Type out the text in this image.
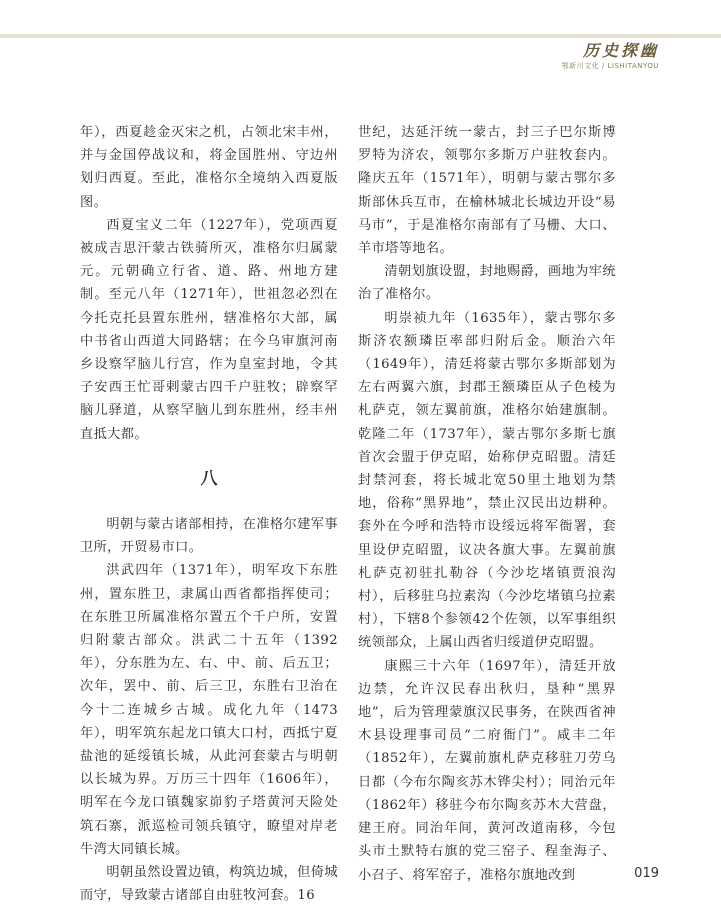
历史探幽
鄂新川文化 / LISHITANYOU

年），西夏趁金灭宋之机，占领北宋丰州，并与金国停战议和，将金国胜州、守边州划归西夏。至此，准格尔全境纳入西夏版图。

西夏宝义二年（1227年），党项西夏被成吉思汗蒙古铁骑所灭，准格尔归属蒙元。元朝确立行省、道、路、州地方建制。至元八年（1271年），世祖忽必烈在今托克托县置东胜州，辖准格尔大部，属中书省山西道大同路辖；在今乌审旗河南乡设察罕脑儿行宫，作为皇室封地，令其子安西王忙哥剌蒙古四千户驻牧；辟察罕脑儿驿道，从察罕脑儿到东胜州，经丰州直抵大都。

八

明朝与蒙古诸部相持，在准格尔建军事卫所，开贸易市口。

洪武四年（1371年），明军攻下东胜州，置东胜卫，隶属山西省都指挥使司；在东胜卫所属准格尔置五个千户所，安置归附蒙古部众。洪武二十五年（1392年），分东胜为左、右、中、前、后五卫；次年，罢中、前、后三卫，东胜右卫治在今十二连城乡古城。成化九年（1473年），明军筑东起龙口镇大口村，西抵宁夏盐池的延绥镇长城，从此河套蒙古与明朝以长城为界。万历三十四年（1606年），明军在今龙口镇魏家峁豹子塔黄河天险处筑石寨，派巡检司领兵镇守，瞭望对岸老牛湾大同镇长城。

明朝虽然设置边镇，构筑边城，但倚城而守，导致蒙古诸部自由驻牧河套。16

世纪，达延汗统一蒙古，封三子巴尔斯博罗特为济农，领鄂尔多斯万户驻牧套内。隆庆五年（1571年），明朝与蒙古鄂尔多斯部休兵互市，在榆林城北长城边开设“易马市”，于是准格尔南部有了马栅、大口、羊市塔等地名。

清朝划旗设盟，封地赐爵，画地为牢统治了准格尔。

明崇祯九年（1635年），蒙古鄂尔多斯济农额璘臣率部归附后金。顺治六年（1649年），清廷将蒙古鄂尔多斯部划为左右两翼六旗，封郡王额璘臣从子色棱为札萨克，领左翼前旗，准格尔始建旗制。乾隆二年（1737年），蒙古鄂尔多斯七旗首次会盟于伊克昭，始称伊克昭盟。清廷封禁河套，将长城北宽50里土地划为禁地，俗称“黑界地”，禁止汉民出边耕种。套外在今呼和浩特市设绥远将军衙署，套里设伊克昭盟，议决各旗大事。左翼前旗札萨克初驻扎勒谷（今沙圪堵镇贾浪沟村），后移驻乌拉素沟（今沙圪堵镇乌拉素村），下辖8个参领42个佐领，以军事组织统领部众，上属山西省归绥道伊克昭盟。

康熙三十六年（1697年），清廷开放边禁，允许汉民春出秋归，垦种“黑界地”，后为管理蒙旗汉民事务，在陕西省神木县设理事司员“二府衙门”。咸丰二年（1852年），左翼前旗札萨克移驻刀劳乌日都（今布尔陶亥苏木铧尖村）；同治元年（1862年）移驻今布尔陶亥苏木大营盘，建王府。同治年间，黄河改道南移，今包头市土默特右旗的党三窑子、程奎海子、小召子、将军窑子，准格尔旗地改到	019
